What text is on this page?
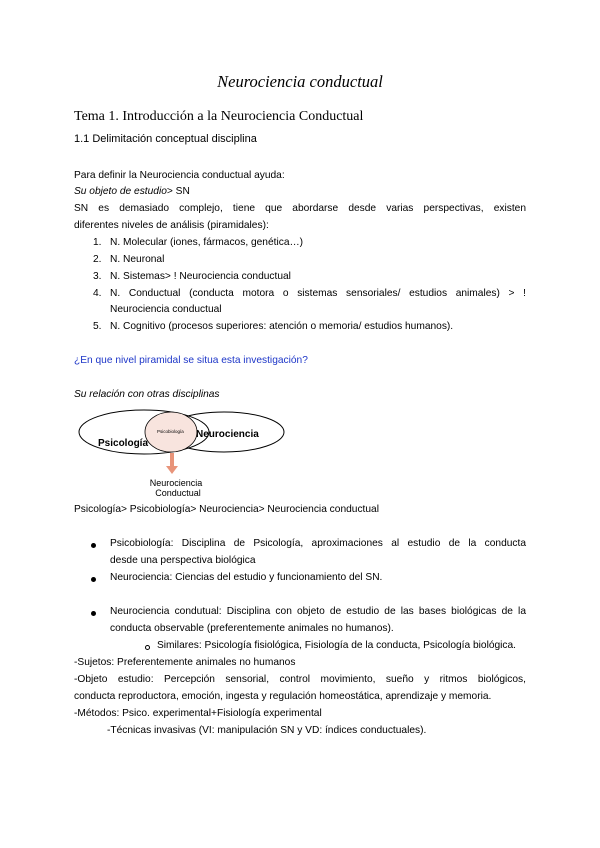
Neurociencia conductual
Tema 1. Introducción a la Neurociencia Conductual
1.1 Delimitación conceptual disciplina
Para definir la Neurociencia conductual ayuda:
Su objeto de estudio> SN
SN es demasiado complejo, tiene que abordarse desde varias perspectivas, existen
diferentes niveles de análisis (piramidales):
1. N. Molecular (iones, fármacos, genética…)
2. N. Neuronal
3. N. Sistemas> ! Neurociencia conductual
4. N. Conductual (conducta motora o sistemas sensoriales/ estudios animales) > !
Neurociencia conductual
5. N. Cognitivo (procesos superiores: atención o memoria/ estudios humanos).
¿En que nivel piramidal se situa esta investigación?
Su relación con otras disciplinas
Psicología
Psicobiología Neurociencia
Neurociencia
Conductual
Psicología> Psicobiología> Neurociencia> Neurociencia conductual
Psicobiología: Disciplina de Psicología, aproximaciones al estudio de la conducta
desde una perspectiva biológica
Neurociencia: Ciencias del estudio y funcionamiento del SN.
Neurociencia condutual: Disciplina con objeto de estudio de las bases biológicas de la
conducta observable (preferentemente animales no humanos).
Similares: Psicología fisiológica, Fisiología de la conducta, Psicología biológica.
-Sujetos: Preferentemente animales no humanos
-Objeto estudio: Percepción sensorial, control movimiento, sueño y ritmos biológicos,
conducta reproductora, emoción, ingesta y regulación homeostática, aprendizaje y memoria.
-Métodos: Psico. experimental+Fisiología experimental
-Técnicas invasivas (VI: manipulación SN y VD: índices conductuales).
